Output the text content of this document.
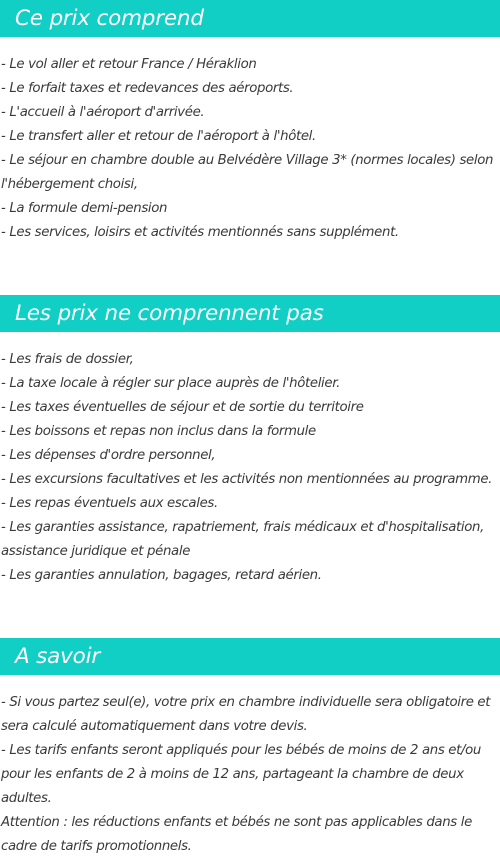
Ce prix comprend
- Le vol aller et retour France / Héraklion
- Le forfait taxes et redevances des aéroports.
- L'accueil à l'aéroport d'arrivée.
- Le transfert aller et retour de l'aéroport à l'hôtel.
- Le séjour en chambre double au Belvédère Village 3* (normes locales) selon l'hébergement choisi,
- La formule demi-pension
- Les services, loisirs et activités mentionnés sans supplément.
Les prix ne comprennent pas
- Les frais de dossier,
- La taxe locale à régler sur place auprès de l'hôtelier.
- Les taxes éventuelles de séjour et de sortie du territoire
- Les boissons et repas non inclus dans la formule
- Les dépenses d'ordre personnel,
- Les excursions facultatives et les activités non mentionnées au programme.
- Les repas éventuels aux escales.
- Les garanties assistance, rapatriement, frais médicaux et d'hospitalisation, assistance juridique et pénale
- Les garanties annulation, bagages, retard aérien.
A savoir
- Si vous partez seul(e), votre prix en chambre individuelle sera obligatoire et sera calculé automatiquement dans votre devis.
- Les tarifs enfants seront appliqués pour les bébés de moins de 2 ans et/ou pour les enfants de 2 à moins de 12 ans, partageant la chambre de deux adultes.
Attention : les réductions enfants et bébés ne sont pas applicables dans le cadre de tarifs promotionnels.
